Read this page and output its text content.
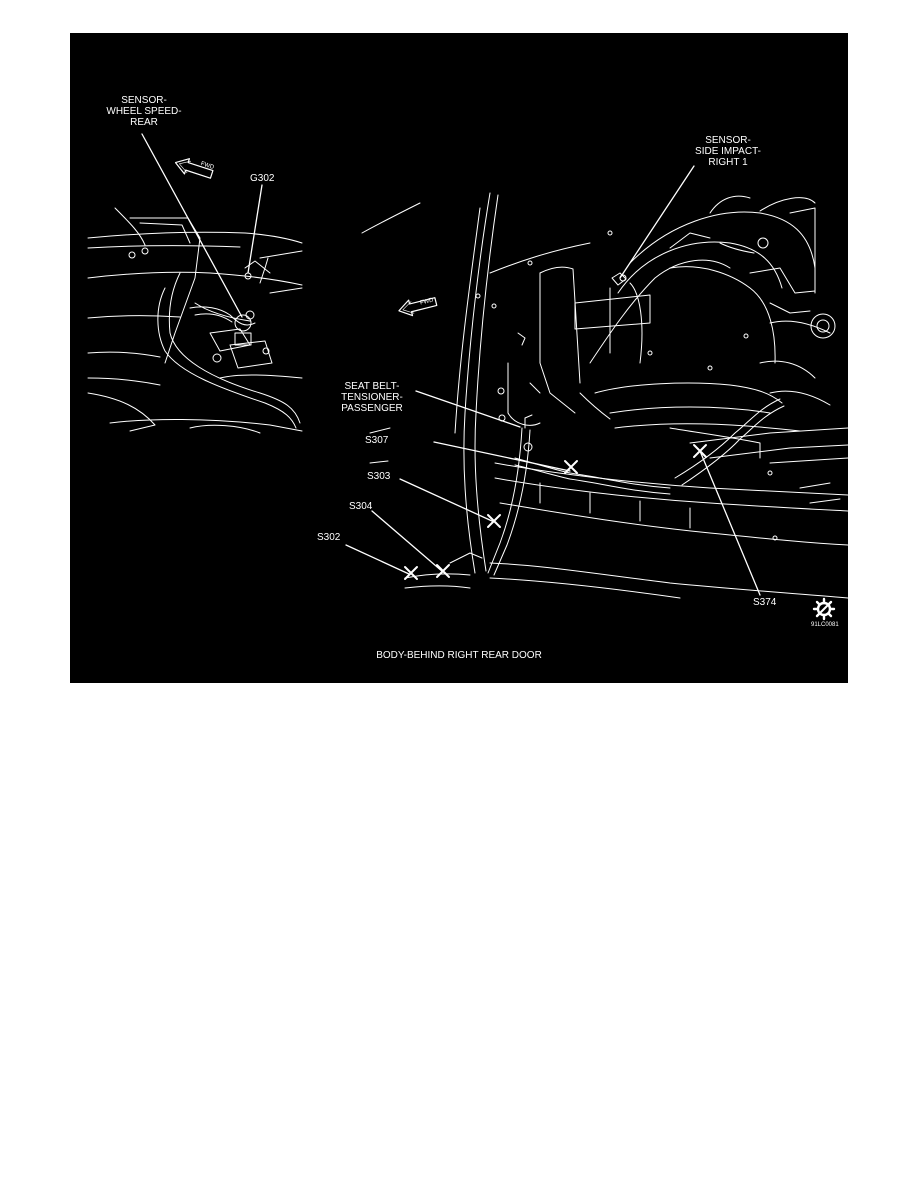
SENSOR-
WHEEL SPEED-
REAR
G302
SENSOR-
SIDE IMPACT-
RIGHT 1
SEAT BELT-
TENSIONER-
PASSENGER
S307
S303
S304
S302
S374
91LC0081
BODY-BEHIND RIGHT REAR DOOR
FWD
FWD
